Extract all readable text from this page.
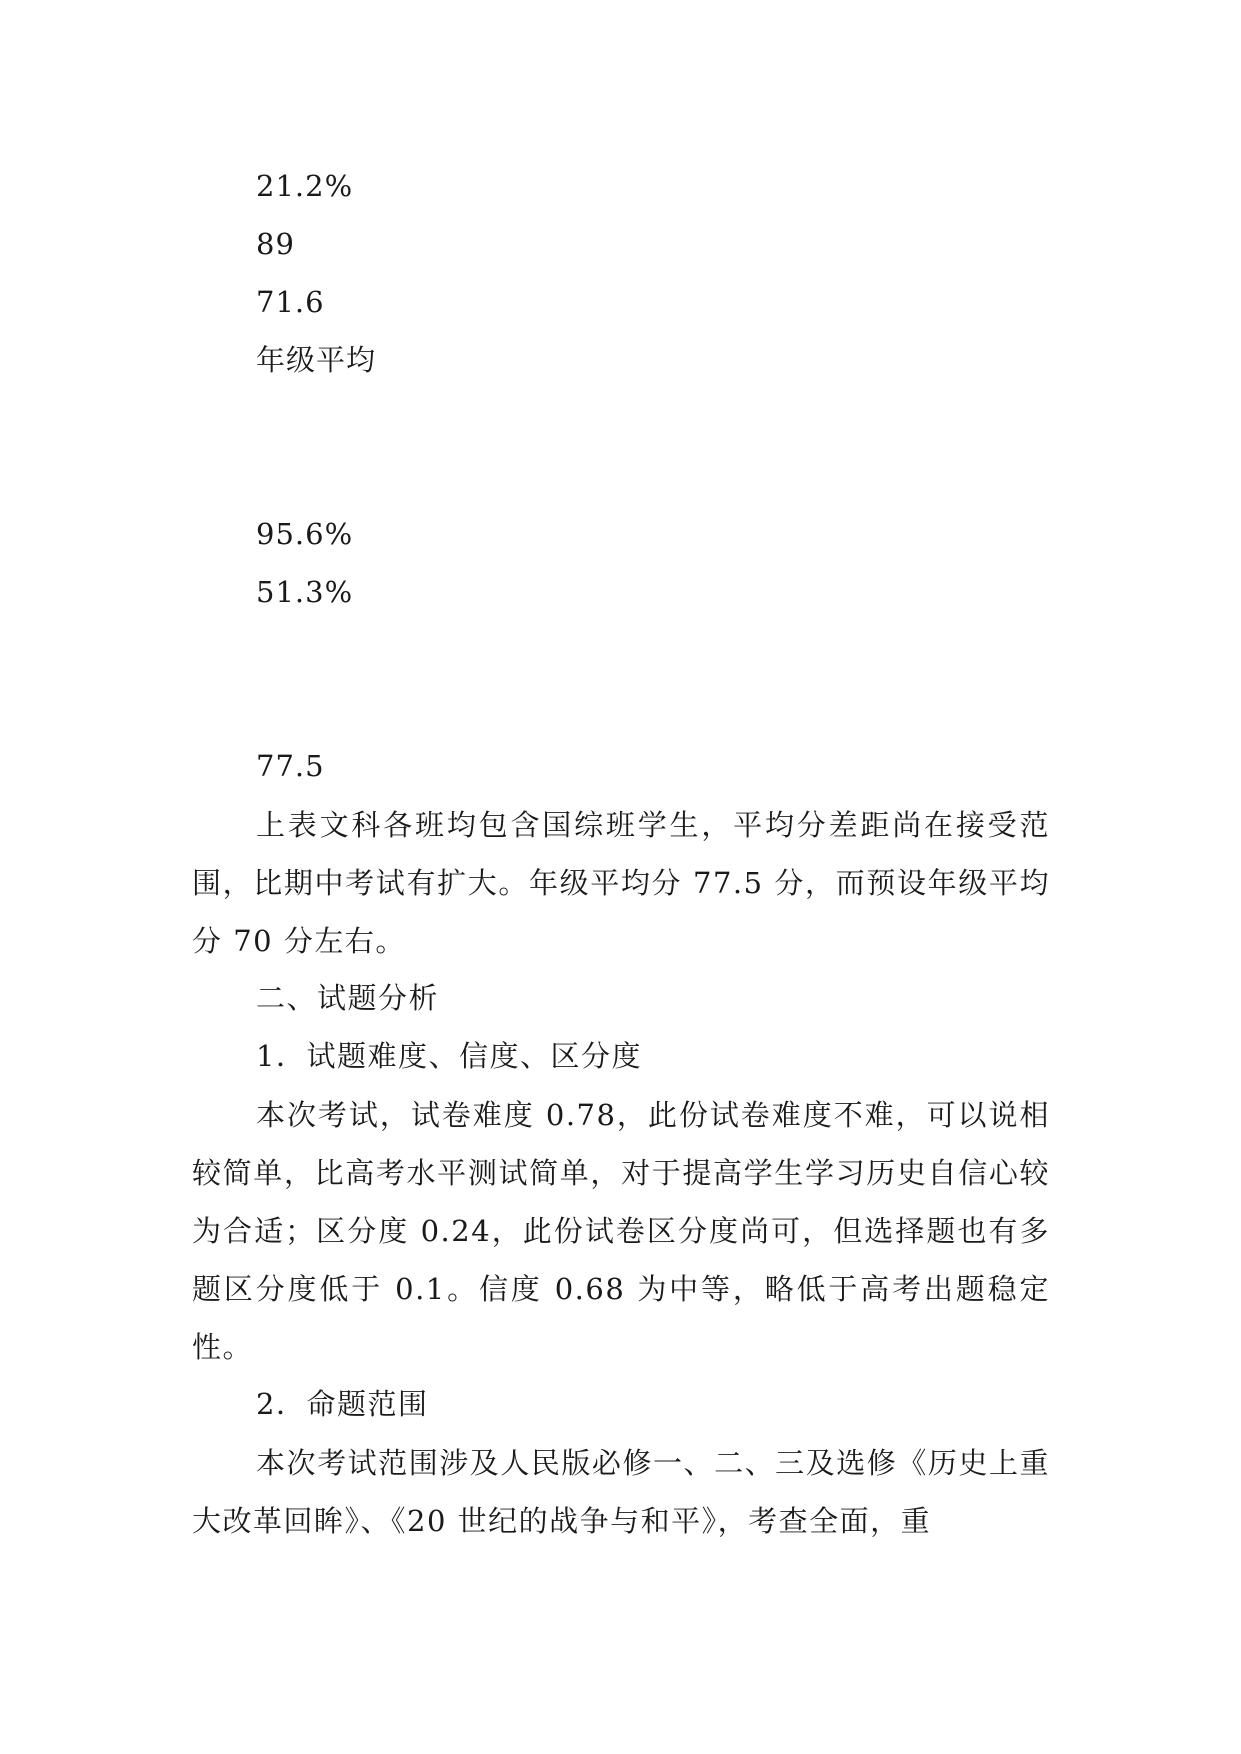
21.2%
89
71.6
年级平均
95.6%
51.3%
77.5
上表文科各班均包含国综班学生，平均分差距尚在接受范围，比期中考试有扩大。年级平均分 77.5 分，而预设年级平均分 70 分左右。
二、试题分析
1．试题难度、信度、区分度
本次考试，试卷难度 0.78，此份试卷难度不难，可以说相较简单，比高考水平测试简单，对于提高学生学习历史自信心较为合适；区分度 0.24，此份试卷区分度尚可，但选择题也有多题区分度低于 0.1。信度 0.68 为中等，略低于高考出题稳定性。
2．命题范围
本次考试范围涉及人民版必修一、二、三及选修《历史上重大改革回眸》、《20 世纪的战争与和平》，考查全面，重
